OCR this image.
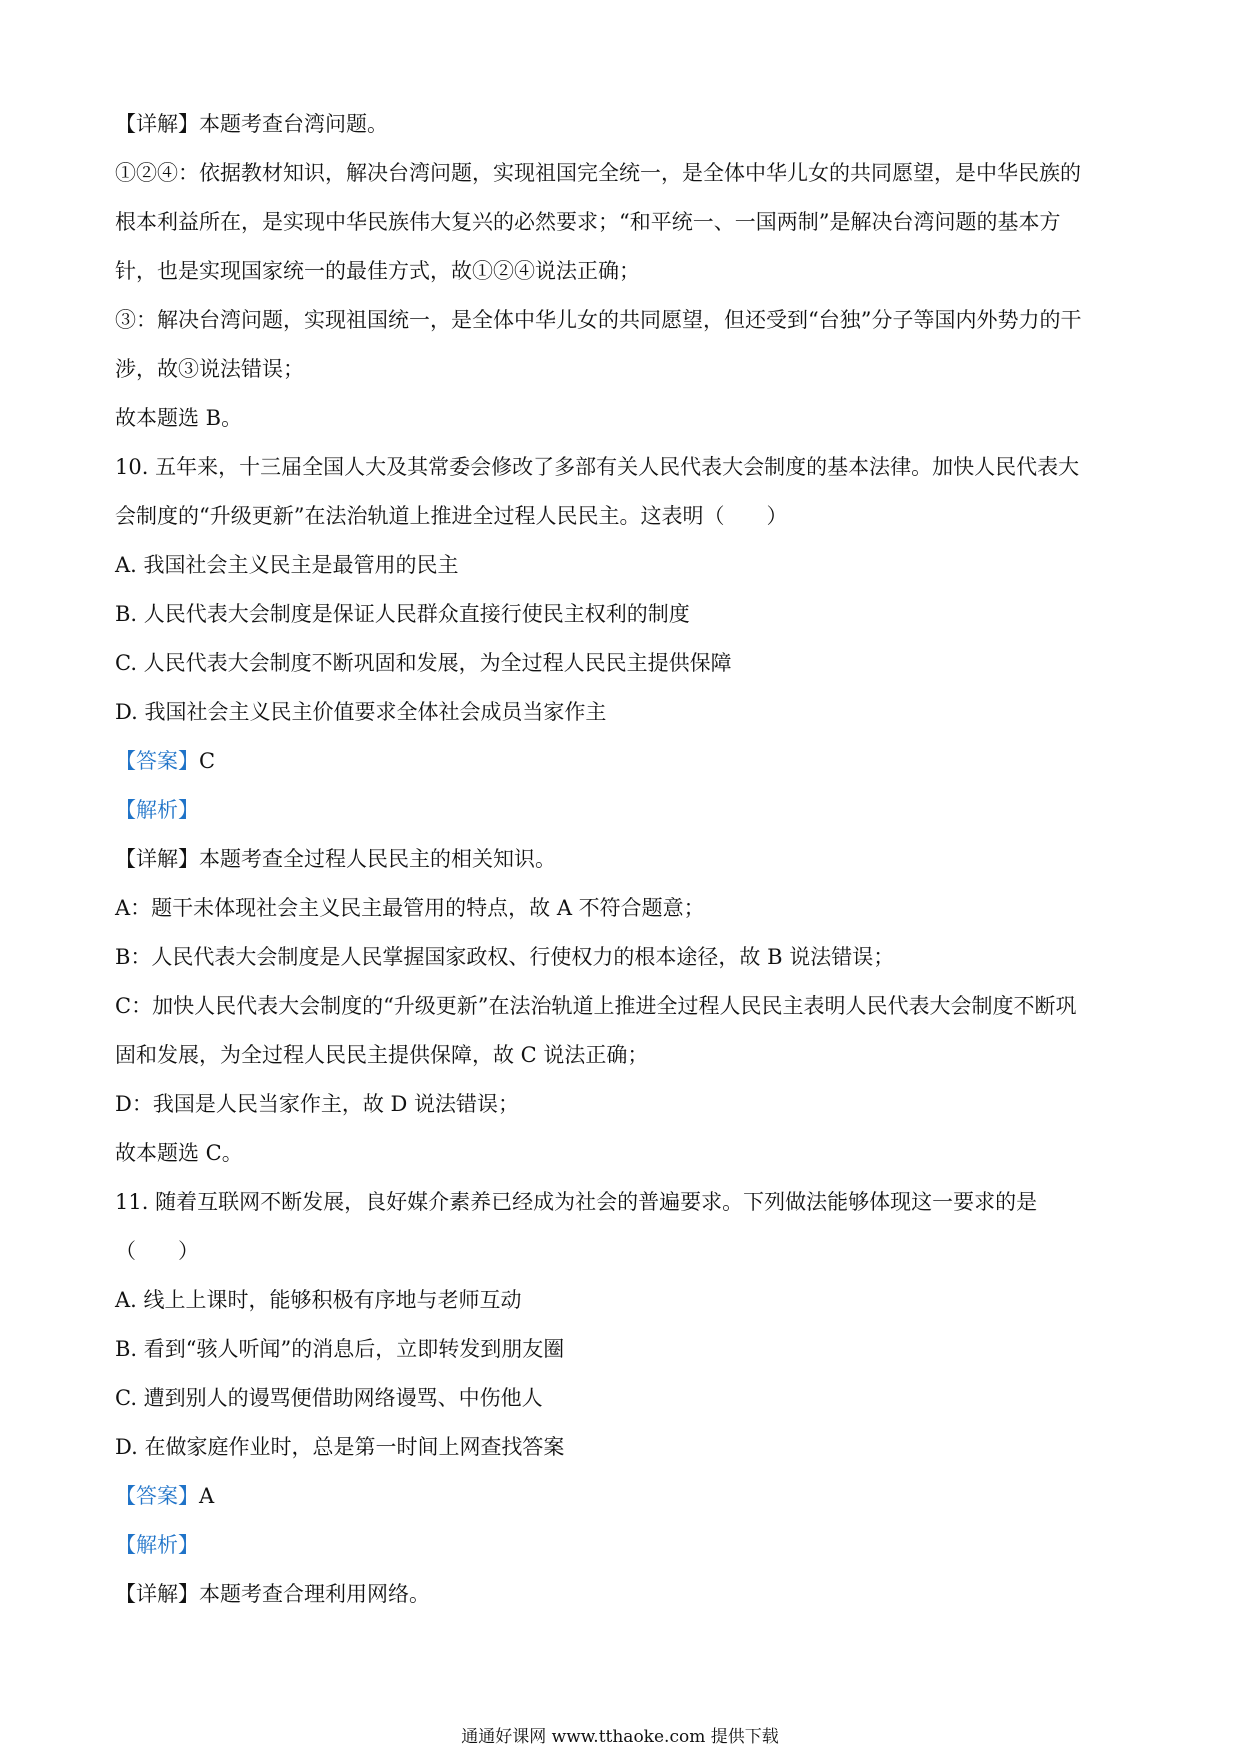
【详解】本题考查台湾问题。

①②④：依据教材知识，解决台湾问题，实现祖国完全统一，是全体中华儿女的共同愿望，是中华民族的

根本利益所在，是实现中华民族伟大复兴的必然要求；“和平统一、一国两制”是解决台湾问题的基本方

针，也是实现国家统一的最佳方式，故①②④说法正确；

③：解决台湾问题，实现祖国统一，是全体中华儿女的共同愿望，但还受到“台独”分子等国内外势力的干

涉，故③说法错误；

故本题选 B。

10. 五年来，十三届全国人大及其常委会修改了多部有关人民代表大会制度的基本法律。加快人民代表大

会制度的“升级更新”在法治轨道上推进全过程人民民主。这表明（　　）

A. 我国社会主义民主是最管用的民主

B. 人民代表大会制度是保证人民群众直接行使民主权利的制度

C. 人民代表大会制度不断巩固和发展，为全过程人民民主提供保障

D. 我国社会主义民主价值要求全体社会成员当家作主

【答案】C

【解析】

【详解】本题考查全过程人民民主的相关知识。

A：题干未体现社会主义民主最管用的特点，故 A 不符合题意；

B：人民代表大会制度是人民掌握国家政权、行使权力的根本途径，故 B 说法错误；

C：加快人民代表大会制度的“升级更新”在法治轨道上推进全过程人民民主表明人民代表大会制度不断巩

固和发展，为全过程人民民主提供保障，故 C 说法正确；

D：我国是人民当家作主，故 D 说法错误；

故本题选 C。

11. 随着互联网不断发展，良好媒介素养已经成为社会的普遍要求。下列做法能够体现这一要求的是

（　　）

A. 线上上课时，能够积极有序地与老师互动

B. 看到“骇人听闻”的消息后，立即转发到朋友圈

C. 遭到别人的谩骂便借助网络谩骂、中伤他人

D. 在做家庭作业时，总是第一时间上网查找答案

【答案】A

【解析】

【详解】本题考查合理利用网络。

通通好课网 www.tthaoke.com 提供下载
